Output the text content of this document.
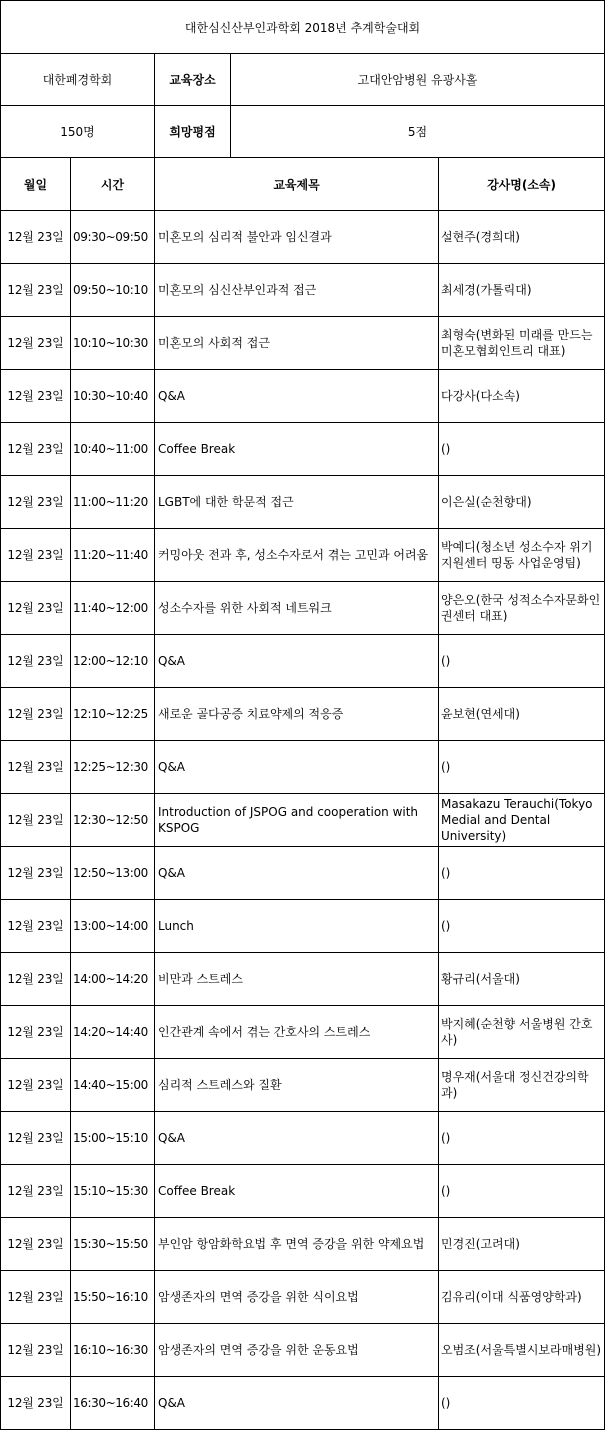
대한심신산부인과학회 2018년 추계학술대회				
대한폐경학회		교육장소	고대안암병원 유광사홀	
150명		희망평점	5점	
월일	시간	교육제목		강사명(소속)
12월 23일	09:30~09:50	미혼모의 심리적 불안과 임신결과		설현주(경희대)
12월 23일	09:50~10:10	미혼모의 심신산부인과적 접근		최세경(가톨릭대)
12월 23일	10:10~10:30	미혼모의 사회적 접근		최형숙(변화된 미래를 만드는 미혼모협회인트리 대표)
12월 23일	10:30~10:40	Q&A		다강사(다소속)
12월 23일	10:40~11:00	Coffee Break		()
12월 23일	11:00~11:20	LGBT에 대한 학문적 접근		이은실(순천향대)
12월 23일	11:20~11:40	커밍아웃 전과 후, 성소수자로서 겪는 고민과 어려움		박예디(청소년 성소수자 위기지원센터 띵동 사업운영팀)
12월 23일	11:40~12:00	성소수자를 위한 사회적 네트워크		양은오(한국 성적소수자문화인권센터 대표)
12월 23일	12:00~12:10	Q&A		()
12월 23일	12:10~12:25	새로운 골다공증 치료약제의 적응증		윤보현(연세대)
12월 23일	12:25~12:30	Q&A		()
12월 23일	12:30~12:50	Introduction of JSPOG and cooperation with KSPOG		Masakazu Terauchi(Tokyo Medial and Dental University)
12월 23일	12:50~13:00	Q&A		()
12월 23일	13:00~14:00	Lunch		()
12월 23일	14:00~14:20	비만과 스트레스		황규리(서울대)
12월 23일	14:20~14:40	인간관계 속에서 겪는 간호사의 스트레스		박지혜(순천향 서울병원 간호사)
12월 23일	14:40~15:00	심리적 스트레스와 질환		명우재(서울대 정신건강의학과)
12월 23일	15:00~15:10	Q&A		()
12월 23일	15:10~15:30	Coffee Break		()
12월 23일	15:30~15:50	부인암 항암화학요법 후 면역 증강을 위한 약제요법		민경진(고려대)
12월 23일	15:50~16:10	암생존자의 면역 증강을 위한 식이요법		김유리(이대 식품영양학과)
12월 23일	16:10~16:30	암생존자의 면역 증강을 위한 운동요법		오범조(서울특별시보라매병원)
12월 23일	16:30~16:40	Q&A		()
